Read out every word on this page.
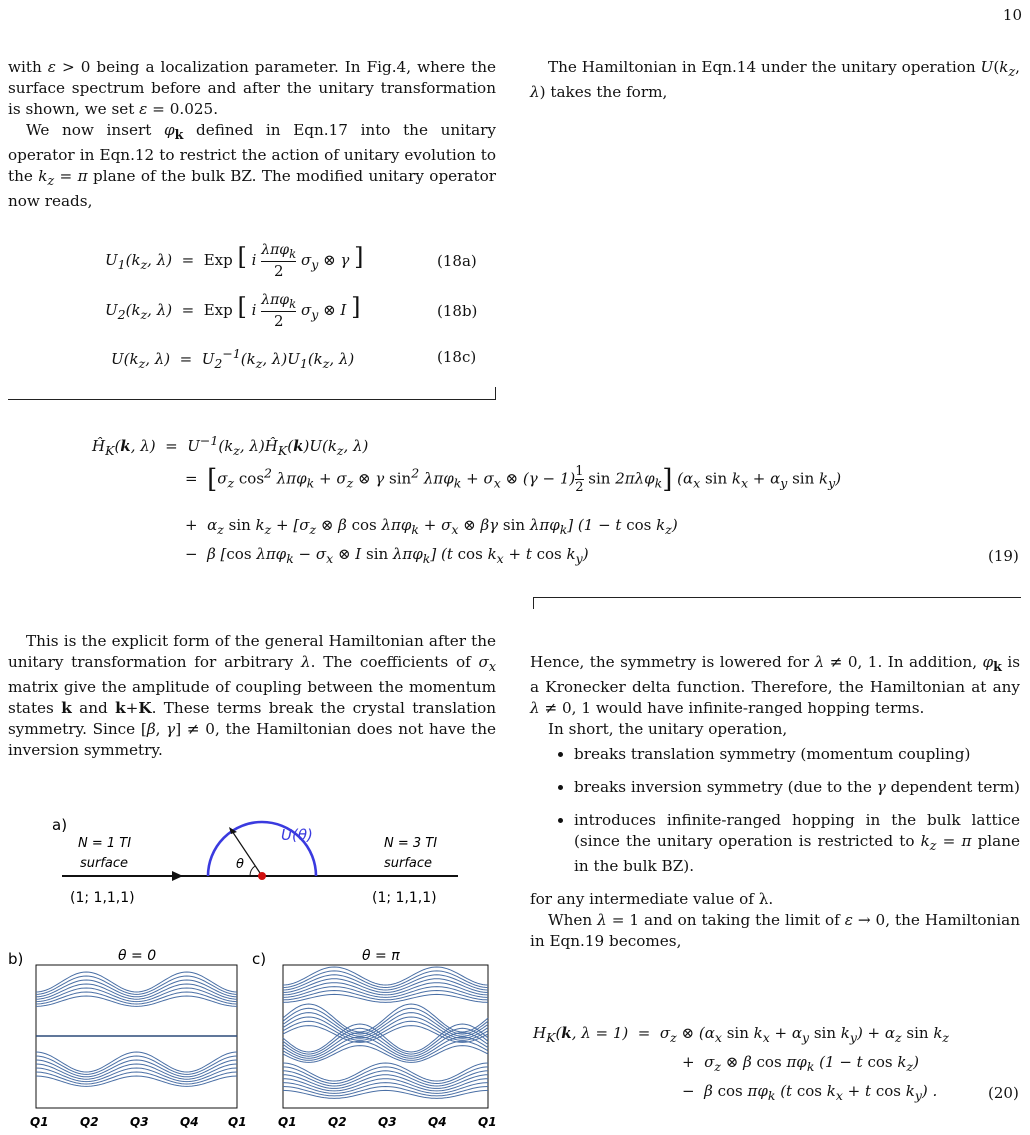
10

with ε > 0 being a localization parameter. In Fig.4, where the surface spectrum before and after the unitary transformation is shown, we set ε = 0.025.

We now insert $\varphi_k$ defined in Eqn.17 into the unitary operator in Eqn.12 to restrict the action of unitary evolution to the $k_z = \pi$ plane of the bulk BZ. The modified unitary operator now reads,

$U_1(k_z$, λ)  = Exp [ i
λπφ$_k$
2
$\sigma_y$ ⊗ γ ]	(18a)
$U_2(k_z$, λ)  = Exp [ i
λπφ$_k$
2
$\sigma_y$ ⊗ I ]	(18b)
$U(k_z$, $\lambda) = U_2^{-1}(k_z$, $\lambda)U_1(k_z$, λ)	(18c)

The Hamiltonian in Eqn.14 under the unitary operation $U(k_z$, λ) takes the form,

$Ĥ_K(k$, $\lambda) = U^{-1}(k_z$, $\lambda)Ĥ_K(k)U(k_z$, λ)
= [$\sigma_z$ $\cos^2 \lambda\pi\varphi_k + \sigma_z$ ⊗ γ $\sin^2 \lambda\pi\varphi_k + \sigma_x$ ⊗ $(\gamma - 1) \frac{1}{2}$ sin 2πλφ$_k$] ($\alpha_x$ $\sin k_x + \alpha_y$ $\sin k_y$)
+  $\alpha_z$ $\sin k_z + [\sigma_z$ ⊗ β $\cos \lambda\pi\varphi_k + \sigma_x$ ⊗ βγ sin λπφ$_k$] (1 − t $\cos k_z$)
−  β [cos $\lambda\pi\varphi_k - \sigma_x$ ⊗ I sin λπφ$_k$] (t $\cos k_x + t$ $\cos k_y$)	(19)

This is the explicit form of the general Hamiltonian after the unitary transformation for arbitrary λ. The coefficients of $\sigma_x$ matrix give the amplitude of coupling between the momentum states k and k+K. These terms break the crystal translation symmetry. Since [β, γ] ≠ 0, the Hamiltonian does not have the inversion symmetry.

Hence, the symmetry is lowered for λ ≠ 0, 1. In addition, $\varphi_k$ is a Kronecker delta function. Therefore, the Hamiltonian at any λ ≠ 0, 1 would have infinite-ranged hopping terms.

In short, the unitary operation,

• breaks translation symmetry (momentum coupling)
• breaks inversion symmetry (due to the γ dependent term)
• introduces infinite-ranged hopping in the bulk lattice (since the unitary operation is restricted to $k_z = \pi$ plane in the bulk BZ).

for any intermediate value of λ.

When λ = 1 and on taking the limit of ε → 0, the Hamiltonian in Eqn.19 becomes,

$H_K(k$, $\lambda = 1) = \sigma_z$ ⊗ ($\alpha_x$ $\sin k_x + \alpha_y$ $\sin k_y) + \alpha_z$ $\sin k_z$
+  $\sigma_z$ ⊗ β $\cos \pi\varphi_k$ (1 − t $\cos k_z$)
−  β $\cos \pi\varphi_k$ (t $\cos k_x + t$ $\cos k_y$) .	(20)
a)
U(θ)
θ
N = 1 TI
surface
(1; 1,1,1)
N = 3 TI
surface
(1; 1,1,1)
b)	θ = 0
Q1	Q2	Q3	Q4 Q1
c)	θ = π
Q1	Q2	Q3	Q4	Q1
